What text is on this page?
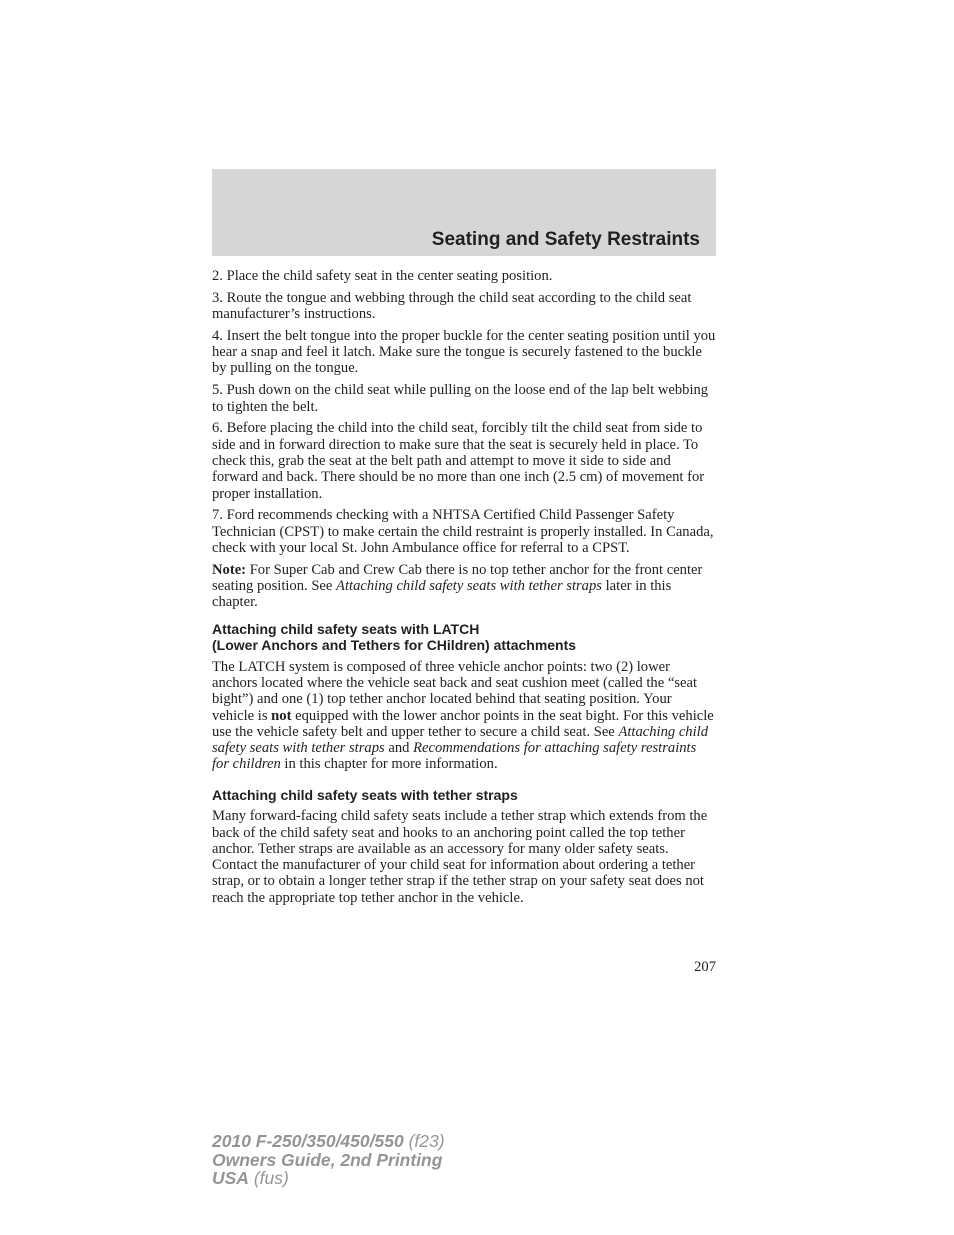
Seating and Safety Restraints

2. Place the child safety seat in the center seating position.

3. Route the tongue and webbing through the child seat according to the child seat manufacturer’s instructions.

4. Insert the belt tongue into the proper buckle for the center seating position until you hear a snap and feel it latch. Make sure the tongue is securely fastened to the buckle by pulling on the tongue.

5. Push down on the child seat while pulling on the loose end of the lap belt webbing to tighten the belt.

6. Before placing the child into the child seat, forcibly tilt the child seat from side to side and in forward direction to make sure that the seat is securely held in place. To check this, grab the seat at the belt path and attempt to move it side to side and forward and back. There should be no more than one inch (2.5 cm) of movement for proper installation.

7. Ford recommends checking with a NHTSA Certified Child Passenger Safety Technician (CPST) to make certain the child restraint is properly installed. In Canada, check with your local St. John Ambulance office for referral to a CPST.

Note: For Super Cab and Crew Cab there is no top tether anchor for the front center seating position. See Attaching child safety seats with tether straps later in this chapter.

Attaching child safety seats with LATCH
(Lower Anchors and Tethers for CHildren) attachments

The LATCH system is composed of three vehicle anchor points: two (2) lower anchors located where the vehicle seat back and seat cushion meet (called the “seat bight”) and one (1) top tether anchor located behind that seating position. Your vehicle is not equipped with the lower anchor points in the seat bight. For this vehicle use the vehicle safety belt and upper tether to secure a child seat. See Attaching child safety seats with tether straps and Recommendations for attaching safety restraints for children in this chapter for more information.

Attaching child safety seats with tether straps

Many forward-facing child safety seats include a tether strap which extends from the back of the child safety seat and hooks to an anchoring point called the top tether anchor. Tether straps are available as an accessory for many older safety seats. Contact the manufacturer of your child seat for information about ordering a tether strap, or to obtain a longer tether strap if the tether strap on your safety seat does not reach the appropriate top tether anchor in the vehicle.

207
2010 F-250/350/450/550 (f23)
Owners Guide, 2nd Printing
USA (fus)
